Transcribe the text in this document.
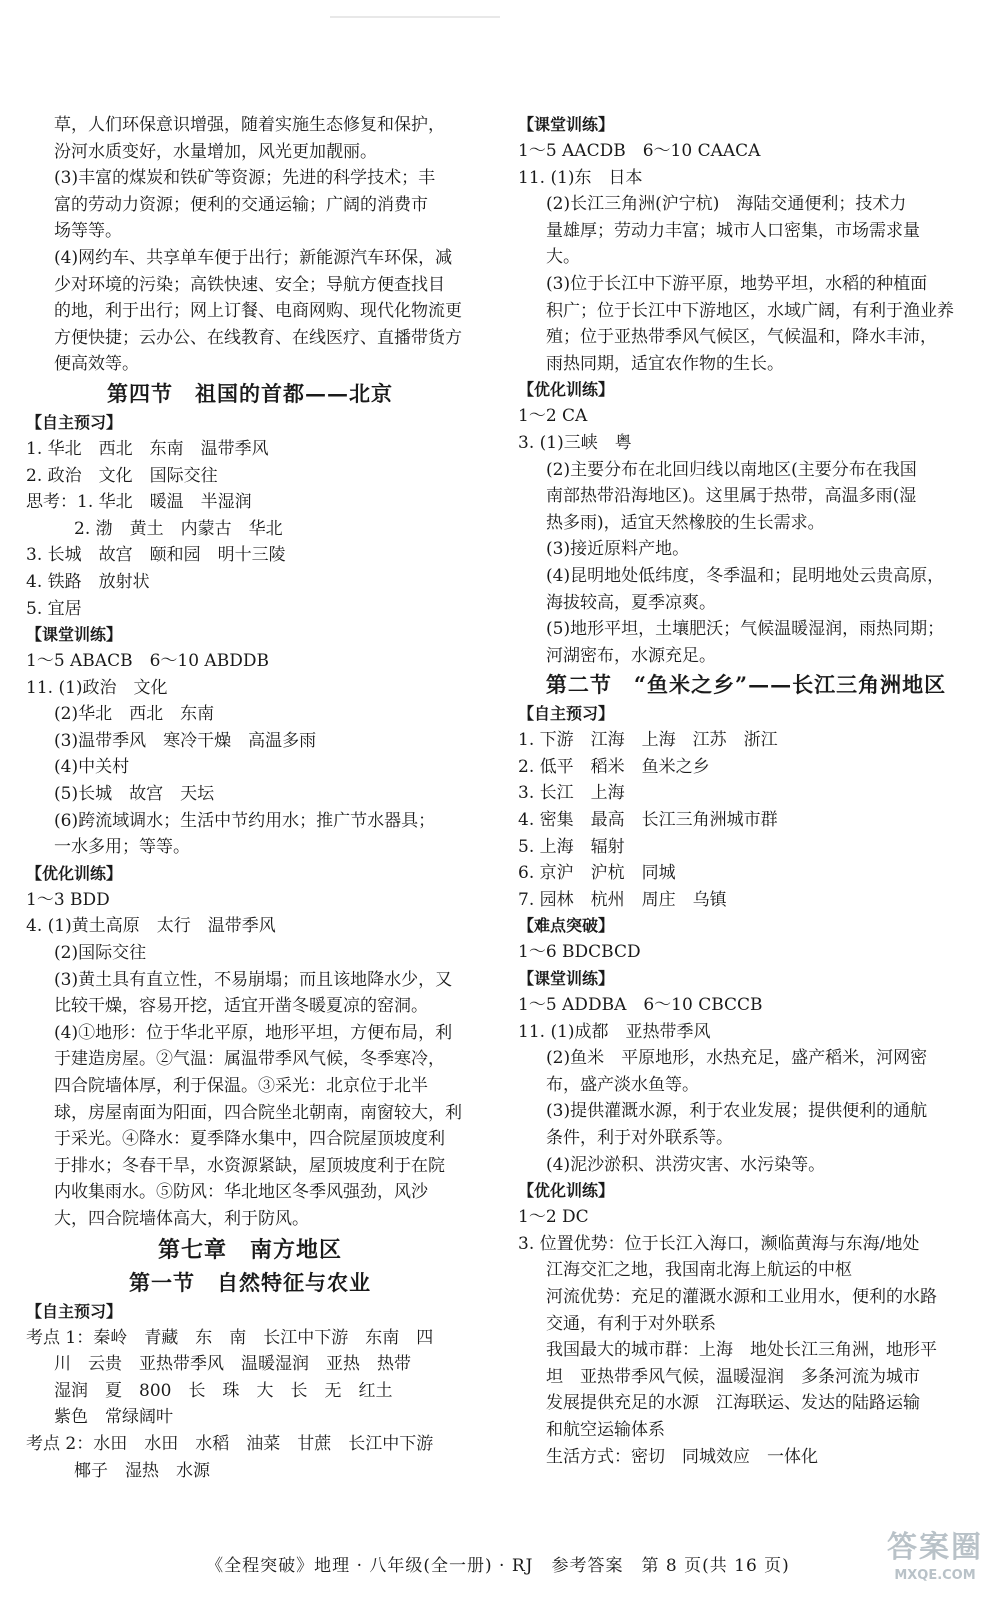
草，人们环保意识增强，随着实施生态修复和保护，
汾河水质变好，水量增加，风光更加靓丽。
(3)丰富的煤炭和铁矿等资源；先进的科学技术；丰
富的劳动力资源；便利的交通运输；广阔的消费市
场等等。
(4)网约车、共享单车便于出行；新能源汽车环保，减
少对环境的污染；高铁快速、安全；导航方便查找目
的地，利于出行；网上订餐、电商网购、现代化物流更
方便快捷；云办公、在线教育、在线医疗、直播带货方
便高效等。
第四节　祖国的首都——北京
【自主预习】
1. 华北　西北　东南　温带季风
2. 政治　文化　国际交往
思考：1. 华北　暖温　半湿润
2. 渤　黄土　内蒙古　华北
3. 长城　故宫　颐和园　明十三陵
4. 铁路　放射状
5. 宜居
【课堂训练】
1～5 ABACB　6～10 ABDDB
11. (1)政治　文化
(2)华北　西北　东南
(3)温带季风　寒冷干燥　高温多雨
(4)中关村
(5)长城　故宫　天坛
(6)跨流域调水；生活中节约用水；推广节水器具；
一水多用；等等。
【优化训练】
1～3 BDD
4. (1)黄土高原　太行　温带季风
(2)国际交往
(3)黄土具有直立性，不易崩塌；而且该地降水少，又
比较干燥，容易开挖，适宜开凿冬暖夏凉的窑洞。
(4)①地形：位于华北平原，地形平坦，方便布局，利
于建造房屋。②气温：属温带季风气候，冬季寒冷，
四合院墙体厚，利于保温。③采光：北京位于北半
球，房屋南面为阳面，四合院坐北朝南，南窗较大，利
于采光。④降水：夏季降水集中，四合院屋顶坡度利
于排水；冬春干旱，水资源紧缺，屋顶坡度利于在院
内收集雨水。⑤防风：华北地区冬季风强劲，风沙
大，四合院墙体高大，利于防风。
第七章　南方地区
第一节　自然特征与农业
【自主预习】
考点 1：秦岭　青藏　东　南　长江中下游　东南　四
川　云贵　亚热带季风　温暖湿润　亚热　热带
湿润　夏　800　长　珠　大　长　无　红土
紫色　常绿阔叶
考点 2：水田　水田　水稻　油菜　甘蔗　长江中下游
椰子　湿热　水源
【课堂训练】
1～5 AACDB　6～10 CAACA
11. (1)东　日本
(2)长江三角洲(沪宁杭)　海陆交通便利；技术力
量雄厚；劳动力丰富；城市人口密集，市场需求量
大。
(3)位于长江中下游平原，地势平坦，水稻的种植面
积广；位于长江中下游地区，水域广阔，有利于渔业养
殖；位于亚热带季风气候区，气候温和，降水丰沛，
雨热同期，适宜农作物的生长。
【优化训练】
1～2 CA
3. (1)三峡　粤
(2)主要分布在北回归线以南地区(主要分布在我国
南部热带沿海地区)。这里属于热带，高温多雨(湿
热多雨)，适宜天然橡胶的生长需求。
(3)接近原料产地。
(4)昆明地处低纬度，冬季温和；昆明地处云贵高原，
海拔较高，夏季凉爽。
(5)地形平坦，土壤肥沃；气候温暖湿润，雨热同期；
河湖密布，水源充足。
第二节　“鱼米之乡”——长江三角洲地区
【自主预习】
1. 下游　江海　上海　江苏　浙江
2. 低平　稻米　鱼米之乡
3. 长江　上海
4. 密集　最高　长江三角洲城市群
5. 上海　辐射
6. 京沪　沪杭　同城
7. 园林　杭州　周庄　乌镇
【难点突破】
1～6 BDCBCD
【课堂训练】
1～5 ADDBA　6～10 CBCCB
11. (1)成都　亚热带季风
(2)鱼米　平原地形，水热充足，盛产稻米，河网密
布，盛产淡水鱼等。
(3)提供灌溉水源，利于农业发展；提供便利的通航
条件，利于对外联系等。
(4)泥沙淤积、洪涝灾害、水污染等。
【优化训练】
1～2 DC
3. 位置优势：位于长江入海口，濒临黄海与东海/地处
江海交汇之地，我国南北海上航运的中枢
河流优势：充足的灌溉水源和工业用水，便利的水路
交通，有利于对外联系
我国最大的城市群：上海　地处长江三角洲，地形平
坦　亚热带季风气候，温暖湿润　多条河流为城市
发展提供充足的水源　江海联运、发达的陆路运输
和航空运输体系
生活方式：密切　同城效应　一体化
《全程突破》地理 · 八年级(全一册) · RJ　参考答案　第 8 页(共 16 页)
答案圈
MXQE.COM
